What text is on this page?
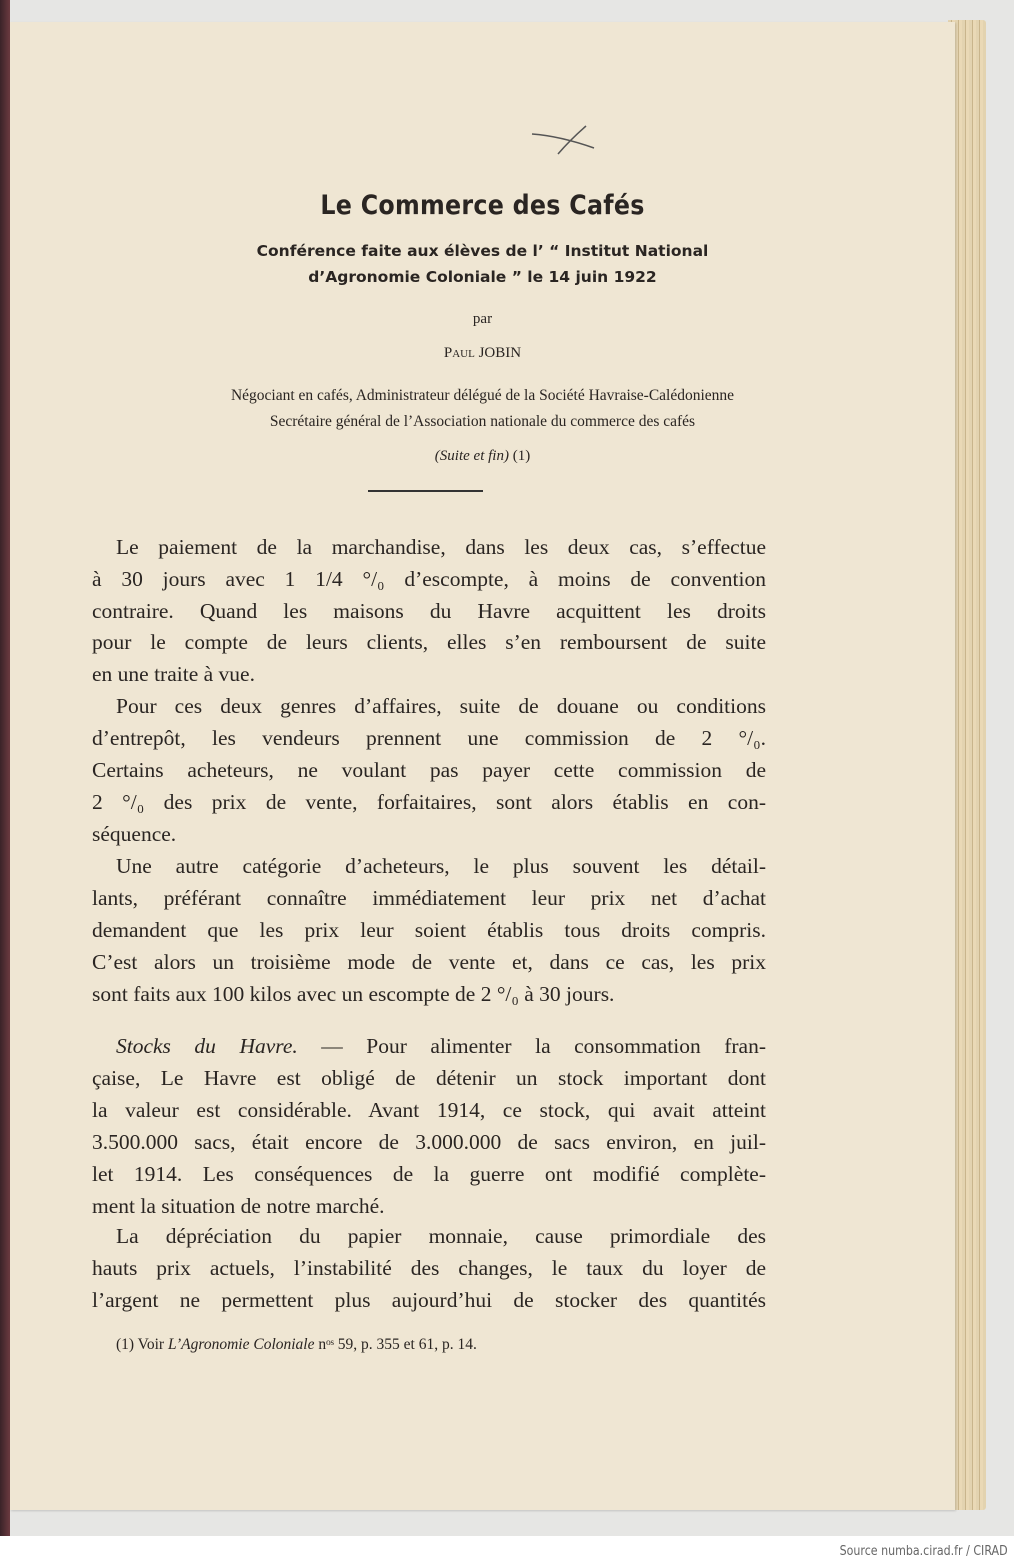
Le Commerce des Cafés
Conférence faite aux élèves de l’ “ Institut National
d’Agronomie Coloniale ” le 14 juin 1922
par
Paul JOBIN
Négociant en cafés, Administrateur délégué de la Société Havraise-Calédonienne
Secrétaire général de l’Association nationale du commerce des cafés
(Suite et fin) (1)
Le paiement de la marchandise, dans les deux cas, s’effectue
à 30 jours avec 1 1/4 °/₀ d’escompte, à moins de convention
contraire. Quand les maisons du Havre acquittent les droits
pour le compte de leurs clients, elles s’en remboursent de suite
en une traite à vue.
Pour ces deux genres d’affaires, suite de douane ou conditions
d’entrepôt, les vendeurs prennent une commission de 2 °/₀.
Certains acheteurs, ne voulant pas payer cette commission de
2 °/₀ des prix de vente, forfaitaires, sont alors établis en con-
séquence.
Une autre catégorie d’acheteurs, le plus souvent les détail-
lants, préférant connaître immédiatement leur prix net d’achat
demandent que les prix leur soient établis tous droits compris.
C’est alors un troisième mode de vente et, dans ce cas, les prix
sont faits aux 100 kilos avec un escompte de 2 °/₀ à 30 jours.
Stocks du Havre. — Pour alimenter la consommation fran-
çaise, Le Havre est obligé de détenir un stock important dont
la valeur est considérable. Avant 1914, ce stock, qui avait atteint
3.500.000 sacs, était encore de 3.000.000 de sacs environ, en juil-
let 1914. Les conséquences de la guerre ont modifié complète-
ment la situation de notre marché.
La dépréciation du papier monnaie, cause primordiale des
hauts prix actuels, l’instabilité des changes, le taux du loyer de
l’argent ne permettent plus aujourd’hui de stocker des quantités
(1) Voir L’Agronomie Coloniale nᵒˢ 59, p. 355 et 61, p. 14.
Source numba.cirad.fr / CIRAD
